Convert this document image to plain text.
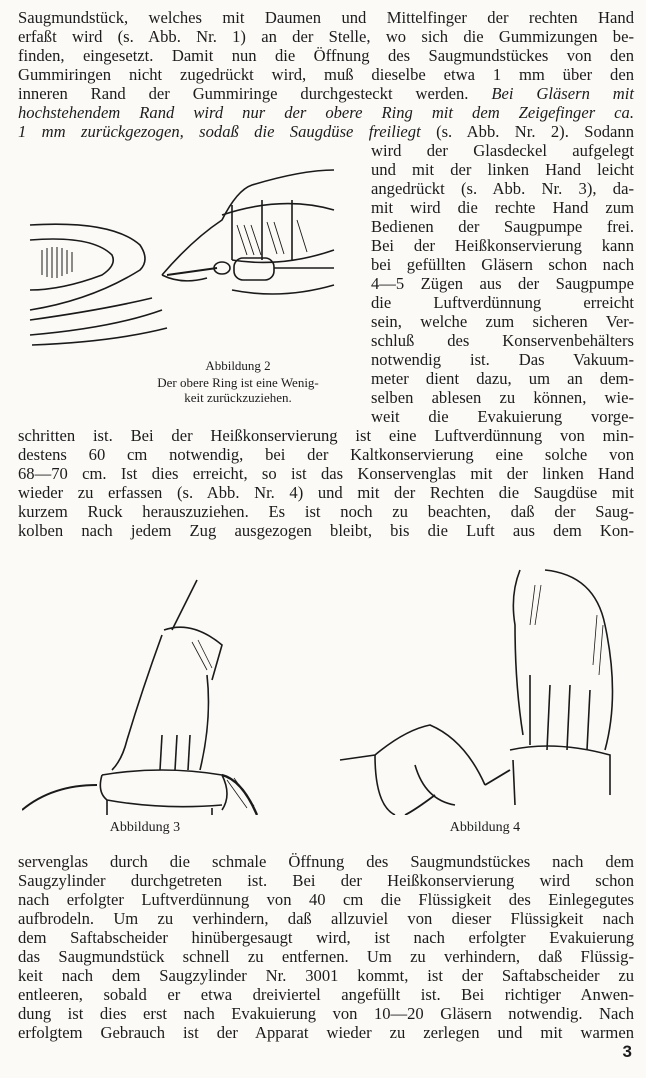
Saugmundstück, welches mit Daumen und Mittelfinger der rechten Hand
erfaßt wird (s. Abb. Nr. 1) an der Stelle, wo sich die Gummizungen be-
finden, eingesetzt. Damit nun die Öffnung des Saugmundstückes von den
Gummiringen nicht zugedrückt wird, muß dieselbe etwa 1 mm über den
inneren Rand der Gummiringe durchgesteckt werden. Bei Gläsern mit
hochstehendem Rand wird nur der obere Ring mit dem Zeigefinger ca.
1 mm zurückgezogen, sodaß die Saugdüse freiliegt (s. Abb. Nr. 2). Sodann
wird der Glasdeckel aufgelegt
und mit der linken Hand leicht
angedrückt (s. Abb. Nr. 3), da-
mit wird die rechte Hand zum
Bedienen der Saugpumpe frei.
Bei der Heißkonservierung kann
bei gefüllten Gläsern schon nach
4—5 Zügen aus der Saugpumpe
die Luftverdünnung erreicht
sein, welche zum sicheren Ver-
schluß des Konservenbehälters
notwendig ist. Das Vakuum-
meter dient dazu, um an dem-
selben ablesen zu können, wie-
weit die Evakuierung vorge-
Abbildung 2
Der obere Ring ist eine Wenig-
keit zurückzuziehen.
schritten ist. Bei der Heißkonservierung ist eine Luftverdünnung von min-
destens 60 cm notwendig, bei der Kaltkonservierung eine solche von
68—70 cm. Ist dies erreicht, so ist das Konservenglas mit der linken Hand
wieder zu erfassen (s. Abb. Nr. 4) und mit der Rechten die Saugdüse mit
kurzem Ruck herauszuziehen. Es ist noch zu beachten, daß der Saug-
kolben nach jedem Zug ausgezogen bleibt, bis die Luft aus dem Kon-
Abbildung 3	Abbildung 4
servenglas durch die schmale Öffnung des Saugmundstückes nach dem
Saugzylinder durchgetreten ist. Bei der Heißkonservierung wird schon
nach erfolgter Luftverdünnung von 40 cm die Flüssigkeit des Einlegegutes
aufbrodeln. Um zu verhindern, daß allzuviel von dieser Flüssigkeit nach
dem Saftabscheider hinübergesaugt wird, ist nach erfolgter Evakuierung
das Saugmundstück schnell zu entfernen. Um zu verhindern, daß Flüssig-
keit nach dem Saugzylinder Nr. 3001 kommt, ist der Saftabscheider zu
entleeren, sobald er etwa dreiviertel angefüllt ist. Bei richtiger Anwen-
dung ist dies erst nach Evakuierung von 10—20 Gläsern notwendig. Nach
erfolgtem Gebrauch ist der Apparat wieder zu zerlegen und mit warmen
3
